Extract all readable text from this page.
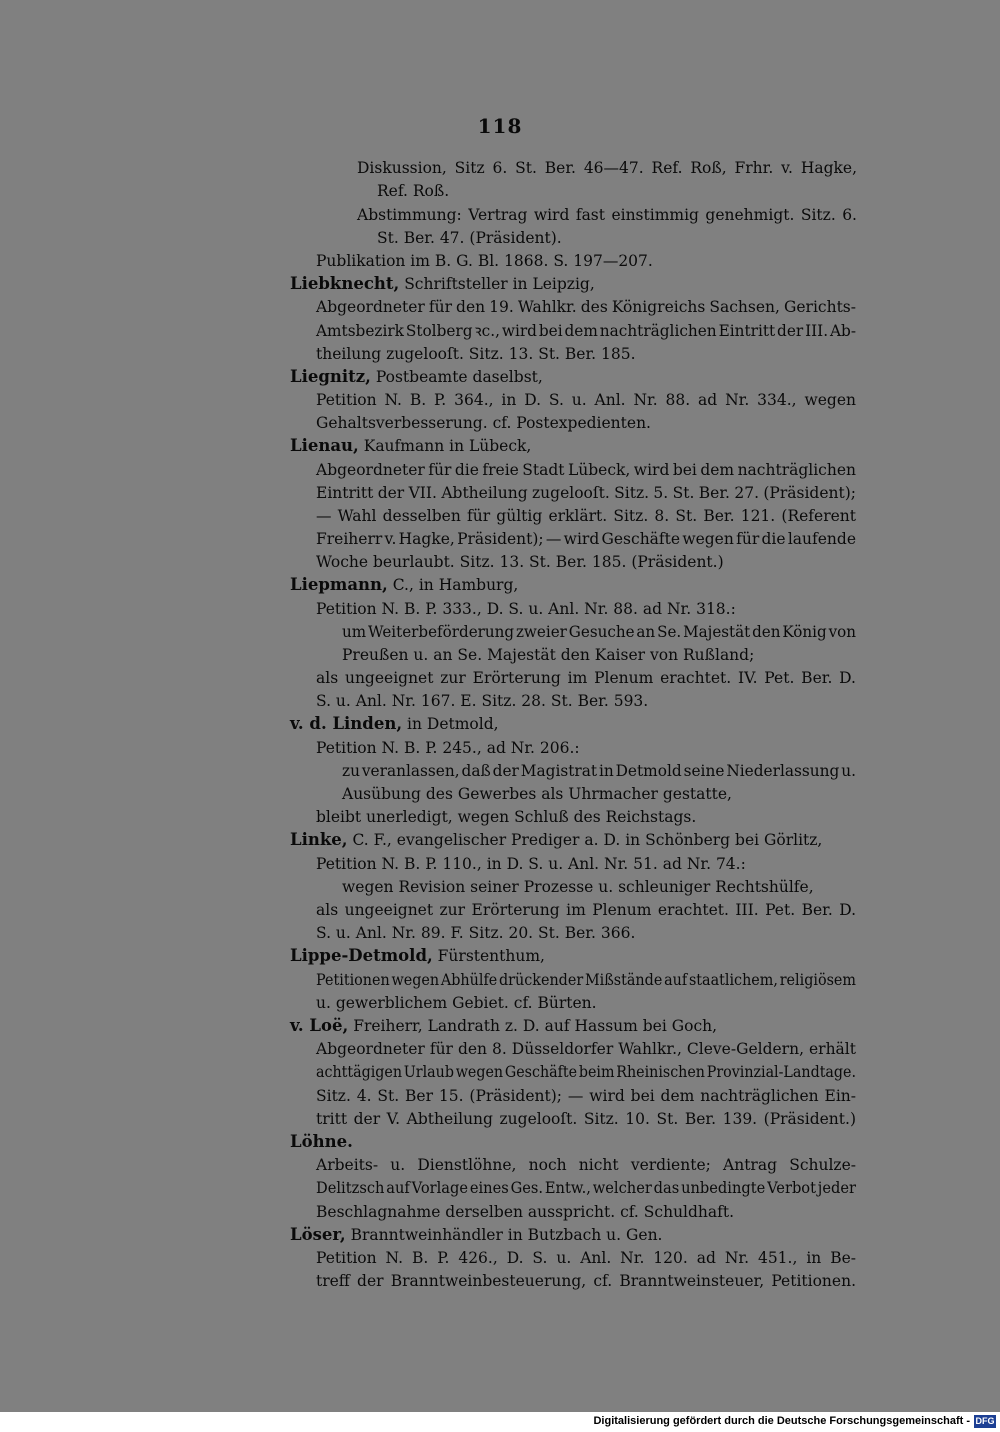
118
Diskussion, Sitz 6. St. Ber. 46—47. Ref. Roß, Frhr. v. Hagke,
Ref. Roß.
Abstimmung: Vertrag wird fast einstimmig genehmigt. Sitz. 6.
St. Ber. 47. (Präsident).
Publikation im B. G. Bl. 1868. S. 197—207.
Liebknecht, Schriftsteller in Leipzig,
Abgeordneter für den 19. Wahlkr. des Königreichs Sachsen, Gerichts-
Amtsbezirk Stolberg ꝛc., wird bei dem nachträglichen Eintritt der III. Ab-
theilung zugelooſt. Sitz. 13. St. Ber. 185.
Liegnitz, Postbeamte daselbst,
Petition N. B. P. 364., in D. S. u. Anl. Nr. 88. ad Nr. 334., wegen
Gehaltsverbesserung. cf. Postexpedienten.
Lienau, Kaufmann in Lübeck,
Abgeordneter für die freie Stadt Lübeck, wird bei dem nachträglichen
Eintritt der VII. Abtheilung zugelooſt. Sitz. 5. St. Ber. 27. (Präsident);
— Wahl desselben für gültig erklärt. Sitz. 8. St. Ber. 121. (Referent
Freiherr v. Hagke, Präsident); — wird Geschäfte wegen für die laufende
Woche beurlaubt. Sitz. 13. St. Ber. 185. (Präsident.)
Liepmann, C., in Hamburg,
Petition N. B. P. 333., D. S. u. Anl. Nr. 88. ad Nr. 318.:
um Weiterbeförderung zweier Gesuche an Se. Majestät den König von
Preußen u. an Se. Majestät den Kaiser von Rußland;
als ungeeignet zur Erörterung im Plenum erachtet. IV. Pet. Ber. D.
S. u. Anl. Nr. 167. E. Sitz. 28. St. Ber. 593.
v. d. Linden, in Detmold,
Petition N. B. P. 245., ad Nr. 206.:
zu veranlassen, daß der Magistrat in Detmold seine Niederlassung u.
Ausübung des Gewerbes als Uhrmacher gestatte,
bleibt unerledigt, wegen Schluß des Reichstags.
Linke, C. F., evangelischer Prediger a. D. in Schönberg bei Görlitz,
Petition N. B. P. 110., in D. S. u. Anl. Nr. 51. ad Nr. 74.:
wegen Revision seiner Prozesse u. schleuniger Rechtshülfe,
als ungeeignet zur Erörterung im Plenum erachtet. III. Pet. Ber. D.
S. u. Anl. Nr. 89. F. Sitz. 20. St. Ber. 366.
Lippe-Detmold, Fürstenthum,
Petitionen wegen Abhülfe drückender Mißstände auf staatlichem, religiösem
u. gewerblichem Gebiet. cf. Bürten.
v. Loë, Freiherr, Landrath z. D. auf Hassum bei Goch,
Abgeordneter für den 8. Düsseldorfer Wahlkr., Cleve-Geldern, erhält
achttägigen Urlaub wegen Geschäfte beim Rheinischen Provinzial-Landtage.
Sitz. 4. St. Ber 15. (Präsident); — wird bei dem nachträglichen Ein-
tritt der V. Abtheilung zugelooſt. Sitz. 10. St. Ber. 139. (Präsident.)
Löhne.
Arbeits- u. Dienstlöhne, noch nicht verdiente; Antrag Schulze-
Delitzsch auf Vorlage eines Ges. Entw., welcher das unbedingte Verbot jeder
Beschlagnahme derselben ausspricht. cf. Schuldhaft.
Löser, Branntweinhändler in Butzbach u. Gen.
Petition N. B. P. 426., D. S. u. Anl. Nr. 120. ad Nr. 451., in Be-
treff der Branntweinbesteuerung, cf. Branntweinsteuer, Petitionen.
Digitalisierung gefördert durch die Deutsche Forschungsgemeinschaft - DFG
